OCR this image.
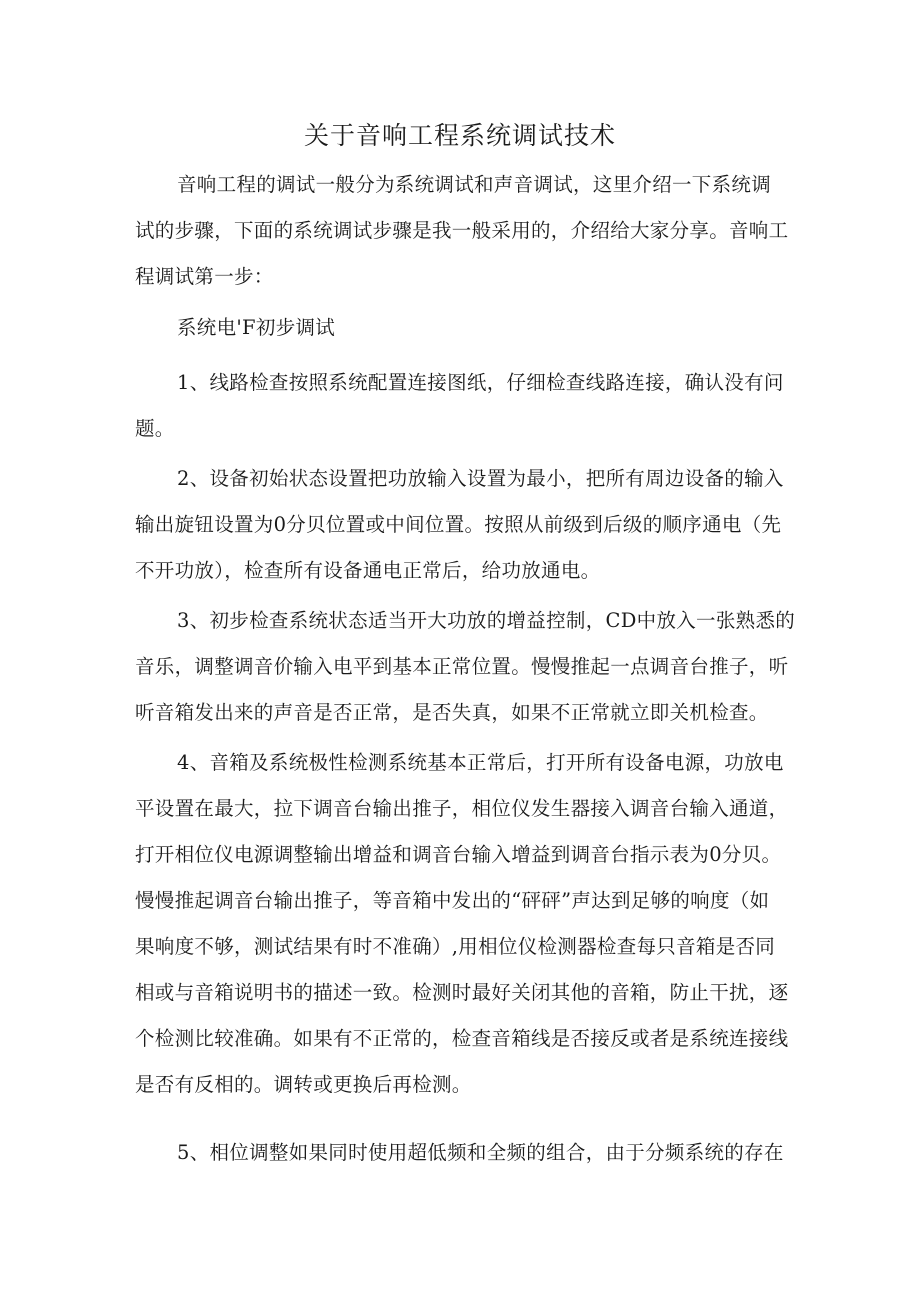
关于音响工程系统调试技术
音响工程的调试一般分为系统调试和声音调试，这里介绍一下系统调
试的步骤，下面的系统调试步骤是我一般采用的，介绍给大家分享。音响工
程调试第一步：
系统电'F初步调试
1、线路检查按照系统配置连接图纸，仔细检查线路连接，确认没有问
题。
2、设备初始状态设置把功放输入设置为最小，把所有周边设备的输入
输出旋钮设置为0分贝位置或中间位置。按照从前级到后级的顺序通电（先
不开功放），检查所有设备通电正常后，给功放通电。
3、初步检查系统状态适当开大功放的增益控制，CD中放入一张熟悉的
音乐，调整调音价输入电平到基本正常位置。慢慢推起一点调音台推子，听
听音箱发出来的声音是否正常，是否失真，如果不正常就立即关机检查。
4、音箱及系统极性检测系统基本正常后，打开所有设备电源，功放电
平设置在最大，拉下调音台输出推子，相位仪发生器接入调音台输入通道，
打开相位仪电源调整输出增益和调音台输入增益到调音台指示表为0分贝。
慢慢推起调音台输出推子，等音箱中发出的“砰砰”声达到足够的响度（如
果响度不够，测试结果有时不准确）,用相位仪检测器检查每只音箱是否同
相或与音箱说明书的描述一致。检测时最好关闭其他的音箱，防止干扰，逐
个检测比较准确。如果有不正常的，检查音箱线是否接反或者是系统连接线
是否有反相的。调转或更换后再检测。
5、相位调整如果同时使用超低频和全频的组合，由于分频系统的存在
